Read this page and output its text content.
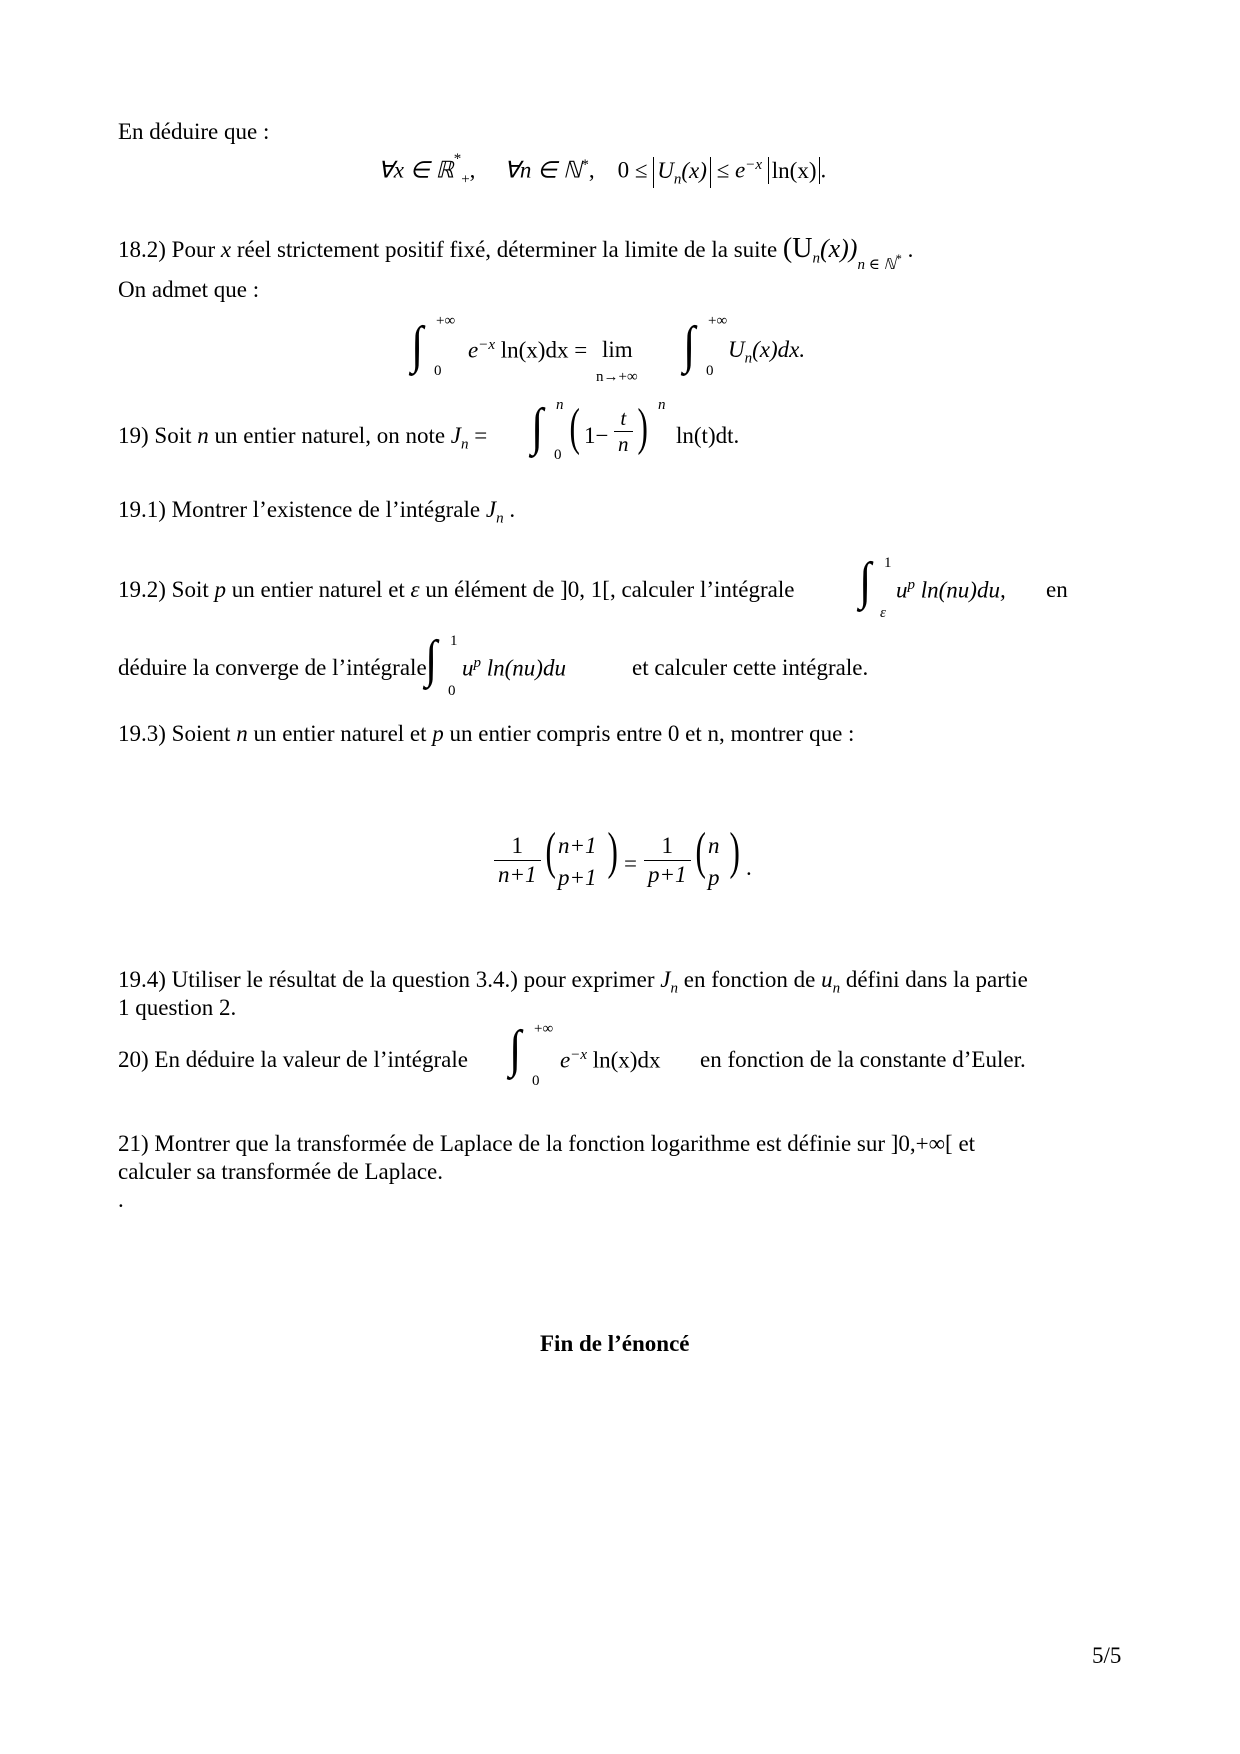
En déduire que :
∀x ∈ ℝ*$_+$,     ∀n ∈ ℕ*,    $0 \le U_n(x) \le e^{-x}$ ln(x) .
18.2) Pour x réel strictement positif fixé, déterminer la limite de la suite $(U_n(x))_{n \in ℕ^*}$ .
On admet que :
∫ +∞
0
$e^{-x}$ ln(x)dx = lim
n→+∞
∫ +∞
0
$U_n(x)dx$.
19) Soit n un entier naturel, on note $J_n$ = ∫ n
0 ( $1- \frac{t}{n}$ ) n
ln(t)dt.
19.1) Montrer l’existence de l’intégrale $J_n$ .
19.2) Soit p un entier naturel et ε un élément de ]0, 1[, calculer l’intégrale ∫ 1
ε
$u^p$ ln(nu)du, en
déduire la converge de l’intégrale
∫ 1
0
$u^p$ ln(nu)du	et calculer cette intégrale.
19.3) Soient n un entier naturel et p un entier compris entre 0 et n, montrer que :
$\frac{1}{n+1}$ ( n+1
p+1 ) = $\frac{1}{p+1}$ ( n
p ) .
19.4) Utiliser le résultat de la question 3.4.) pour exprimer $J_n$ en fonction de $u_n$ défini dans la partie
1 question 2.
20) En déduire la valeur de l’intégrale ∫ +∞
0
$e^{-x}$ ln(x)dx en fonction de la constante d’Euler.
21) Montrer que la transformée de Laplace de la fonction logarithme est définie sur ]0,+∞[ et
calculer sa transformée de Laplace.
.
Fin de l’énoncé
5/5
